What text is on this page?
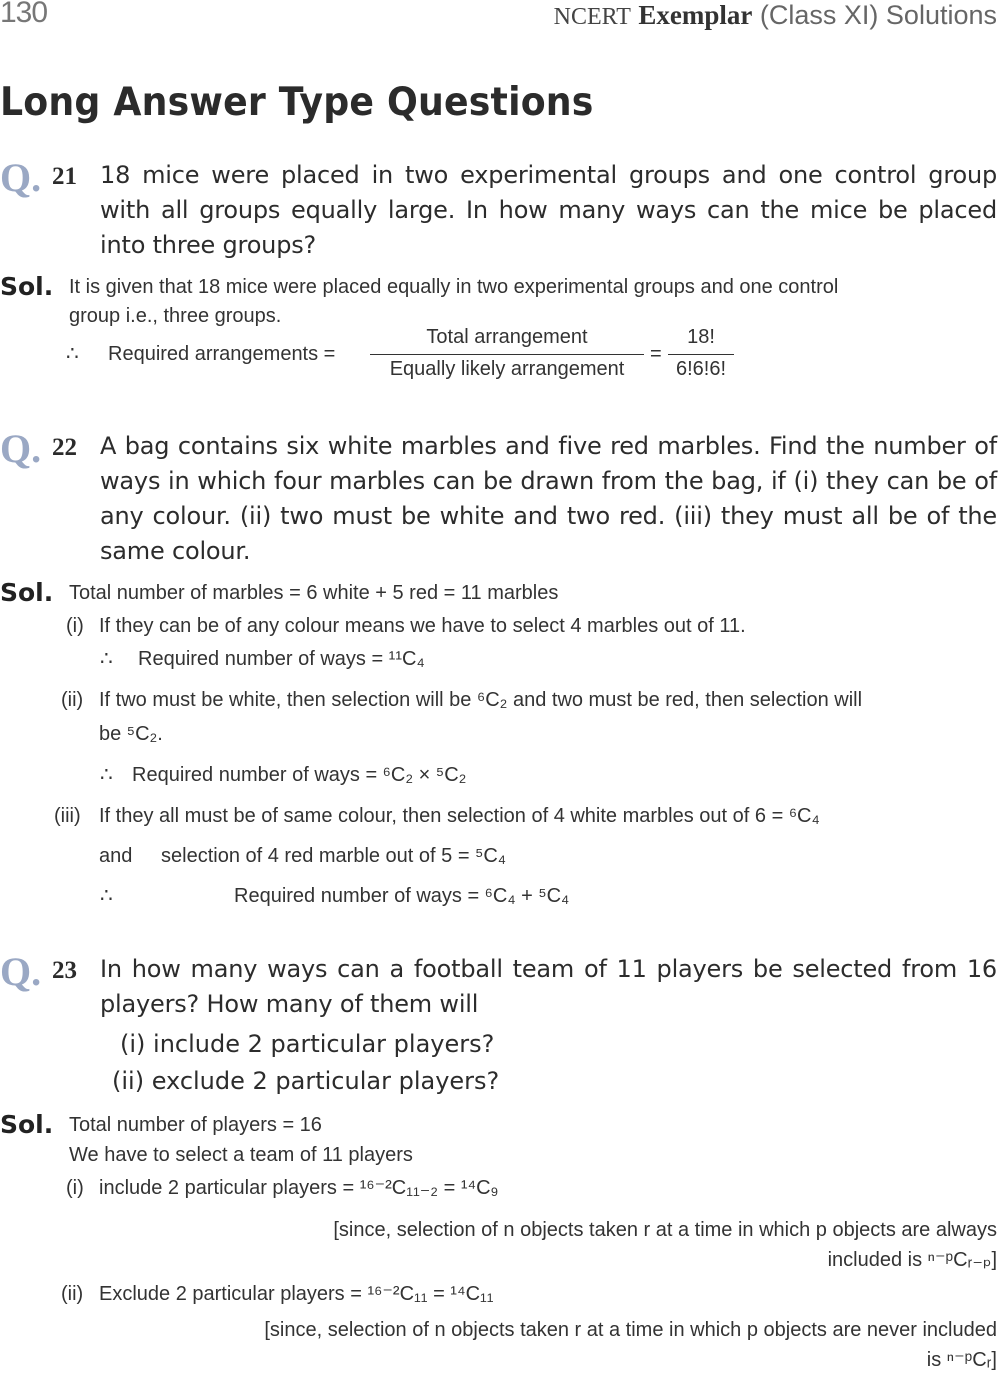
130	NCERT Exemplar (Class XI) Solutions
Long Answer Type Questions
Q. 21 18 mice were placed in two experimental groups and one control group with all groups equally large. In how many ways can the mice be placed into three groups?
Sol. It is given that 18 mice were placed equally in two experimental groups and one control
group i.e., three groups.
∴ Required arrangements =
Total arrangement
Equally likely arrangement
=
18!
6!6!6!
Q. 22 A bag contains six white marbles and five red marbles. Find the number of ways in which four marbles can be drawn from the bag, if (i) they can be of any colour. (ii) two must be white and two red. (iii) they must all be of the same colour.
Sol. Total number of marbles = 6 white + 5 red = 11 marbles
(i) If they can be of any colour means we have to select 4 marbles out of 11.
∴ Required number of ways = ¹¹C₄
(ii) If two must be white, then selection will be ⁶C₂ and two must be red, then selection will
be ⁵C₂.
∴ Required number of ways = ⁶C₂ × ⁵C₂
(iii) If they all must be of same colour, then selection of 4 white marbles out of 6 = ⁶C₄
and selection of 4 red marble out of 5 = ⁵C₄
∴	Required number of ways = ⁶C₄ + ⁵C₄
Q. 23 In how many ways can a football team of 11 players be selected from 16 players? How many of them will
(i) include 2 particular players?
(ii) exclude 2 particular players?
Sol. Total number of players = 16
We have to select a team of 11 players
(i) include 2 particular players = ¹⁶⁻²C₁₁₋₂ = ¹⁴C₉
[since, selection of n objects taken r at a time in which p objects are always
included is ⁿ⁻ᵖCᵣ₋ₚ]
(ii) Exclude 2 particular players = ¹⁶⁻²C₁₁ = ¹⁴C₁₁
[since, selection of n objects taken r at a time in which p objects are never included
is ⁿ⁻ᵖCᵣ]
